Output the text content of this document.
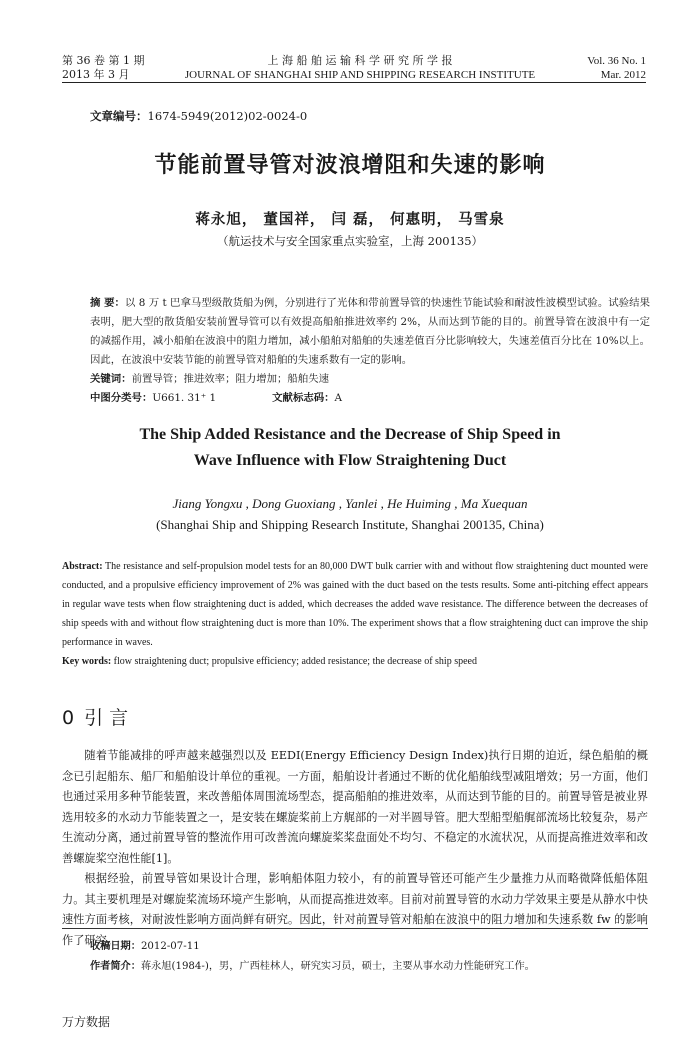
第 36 卷 第 1 期
2013 年 3 月
上 海 船 舶 运 输 科 学 研 究 所 学 报
JOURNAL OF SHANGHAI SHIP AND SHIPPING RESEARCH INSTITUTE
Vol. 36 No. 1
Mar. 2012
文章编号：1674-5949(2012)02-0024-0
节能前置导管对波浪增阻和失速的影响
蒋永旭， 董国祥， 闫 磊， 何惠明， 马雪泉
（航运技术与安全国家重点实验室，上海 200135）

摘 要：以 8 万 t 巴拿马型级散货船为例，分别进行了光体和带前置导管的快速性节能试验和耐波性波模型试验。试验结果表明，肥大型的散货船安装前置导管可以有效提高船舶推进效率约 2%，从而达到节能的目的。前置导管在波浪中有一定的减摇作用，减小船舶在波浪中的阻力增加，减小船舶对船舶的失速差值百分比影响较大，失速差值百分比在 10%以上。因此，在波浪中安装节能的前置导管对船舶的失速系数有一定的影响。

关键词：前置导管；推进效率；阻力增加；船舶失速

中图分类号：U661. 31⁺ 1	文献标志码：A

The Ship Added Resistance and the Decrease of Ship Speed in
Wave Influence with Flow Straightening Duct
Jiang Yongxu , Dong Guoxiang , Yanlei , He Huiming , Ma Xuequan
(Shanghai Ship and Shipping Research Institute, Shanghai 200135, China)

Abstract: The resistance and self-propulsion model tests for an 80,000 DWT bulk carrier with and without flow straightening duct mounted were conducted, and a propulsive efficiency improvement of 2% was gained with the duct based on the tests results. Some anti-pitching effect appears in regular wave tests when flow straightening duct is added, which decreases the added wave resistance. The difference between the decreases of ship speeds with and without flow straightening duct is more than 10%. The experiment shows that a flow straightening duct can improve the ship performance in waves.

Key words: flow straightening duct; propulsive efficiency; added resistance; the decrease of ship speed

0 引 言

随着节能减排的呼声越来越强烈以及 EEDI(Energy Efficiency Design Index)执行日期的迫近，绿色船舶的概念已引起船东、船厂和船舶设计单位的重视。一方面，船舶设计者通过不断的优化船舶线型减阻增效；另一方面，他们也通过采用多种节能装置，来改善船体周围流场型态，提高船舶的推进效率，从而达到节能的目的。前置导管是被业界选用较多的水动力节能装置之一，是安装在螺旋桨前上方艉部的一对半圆导管。肥大型船型船艉部流场比较复杂，易产生流动分离，通过前置导管的整流作用可改善流向螺旋桨桨盘面处不均匀、不稳定的水流状况，从而提高推进效率和改善螺旋桨空泡性能[1]。

根据经验，前置导管如果设计合理，影响船体阻力较小，有的前置导管还可能产生少量推力从而略微降低船体阻力。其主要机理是对螺旋桨流场环境产生影响，从而提高推进效率。目前对前置导管的水动力学效果主要是从静水中快速性方面考核，对耐波性影响方面尚鲜有研究。因此，针对前置导管对船舶在波浪中的阻力增加和失速系数 fw 的影响作了研究。

收稿日期：2012-07-11
作者简介：蒋永旭(1984-)，男，广西桂林人，研究实习员，硕士，主要从事水动力性能研究工作。
万方数据
